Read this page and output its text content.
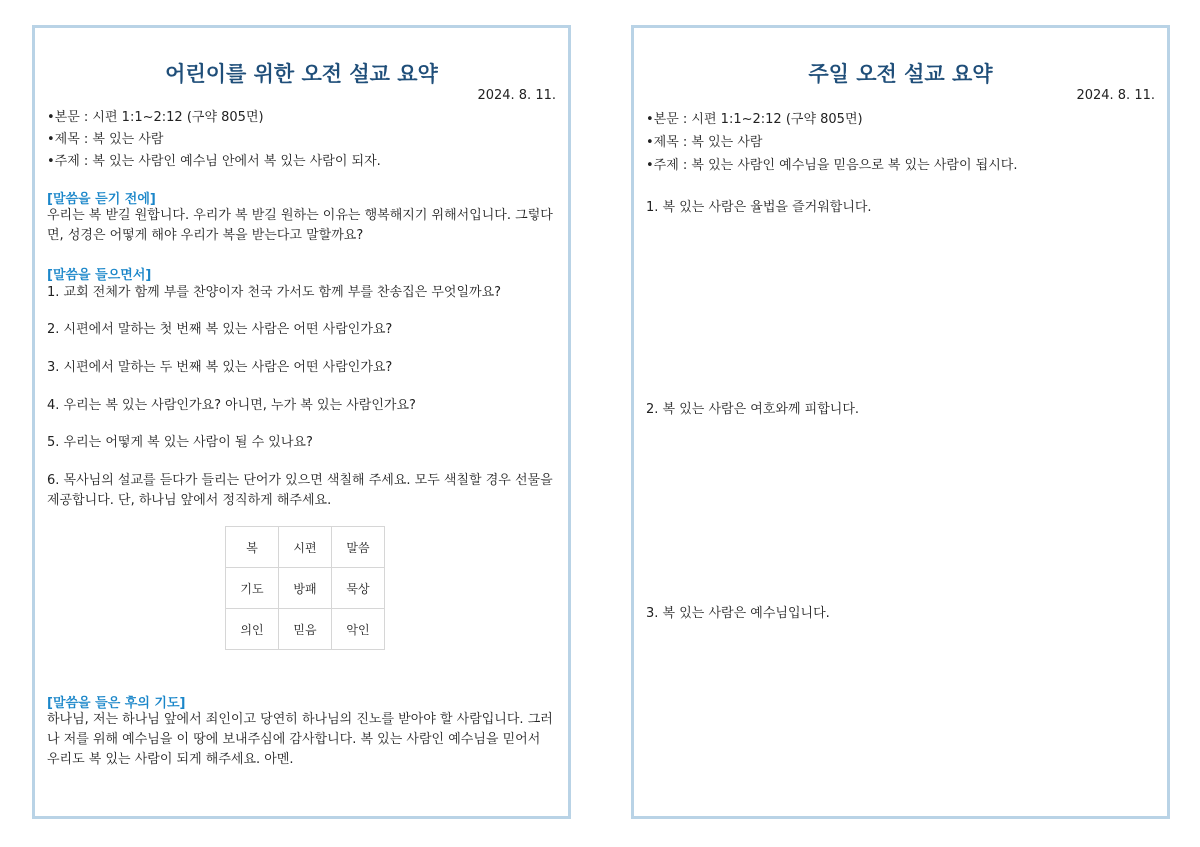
어린이를 위한 오전 설교 요약
2024. 8. 11.

•본문 : 시편 1:1~2:12 (구약 805면)

•제목 : 복 있는 사람

•주제 : 복 있는 사람인 예수님 안에서 복 있는 사람이 되자.

[말씀을 듣기 전에]

우리는 복 받길 원합니다. 우리가 복 받길 원하는 이유는 행복해지기 위해서입니다. 그렇다면, 성경은 어떻게 해야 우리가 복을 받는다고 말할까요?

[말씀을 들으면서]

1. 교회 전체가 함께 부를 찬양이자 천국 가서도 함께 부를 찬송집은 무엇일까요?

2. 시편에서 말하는 첫 번째 복 있는 사람은 어떤 사람인가요?

3. 시편에서 말하는 두 번째 복 있는 사람은 어떤 사람인가요?

4. 우리는 복 있는 사람인가요? 아니면, 누가 복 있는 사람인가요?

5. 우리는 어떻게 복 있는 사람이 될 수 있나요?

6. 목사님의 설교를 듣다가 들리는 단어가 있으면 색칠해 주세요. 모두 색칠할 경우 선물을 제공합니다. 단, 하나님 앞에서 정직하게 해주세요.

복	시편	말씀
기도	방패	묵상
의인	믿음	악인

[말씀을 들은 후의 기도]

하나님, 저는 하나님 앞에서 죄인이고 당연히 하나님의 진노를 받아야 할 사람입니다. 그러나 저를 위해 예수님을 이 땅에 보내주심에 감사합니다. 복 있는 사람인 예수님을 믿어서 우리도 복 있는 사람이 되게 해주세요. 아멘.

주일 오전 설교 요약
2024. 8. 11.

•본문 : 시편 1:1~2:12 (구약 805면)

•제목 : 복 있는 사람

•주제 : 복 있는 사람인 예수님을 믿음으로 복 있는 사람이 됩시다.

1. 복 있는 사람은 율법을 즐거워합니다.

2. 복 있는 사람은 여호와께 피합니다.

3. 복 있는 사람은 예수님입니다.
